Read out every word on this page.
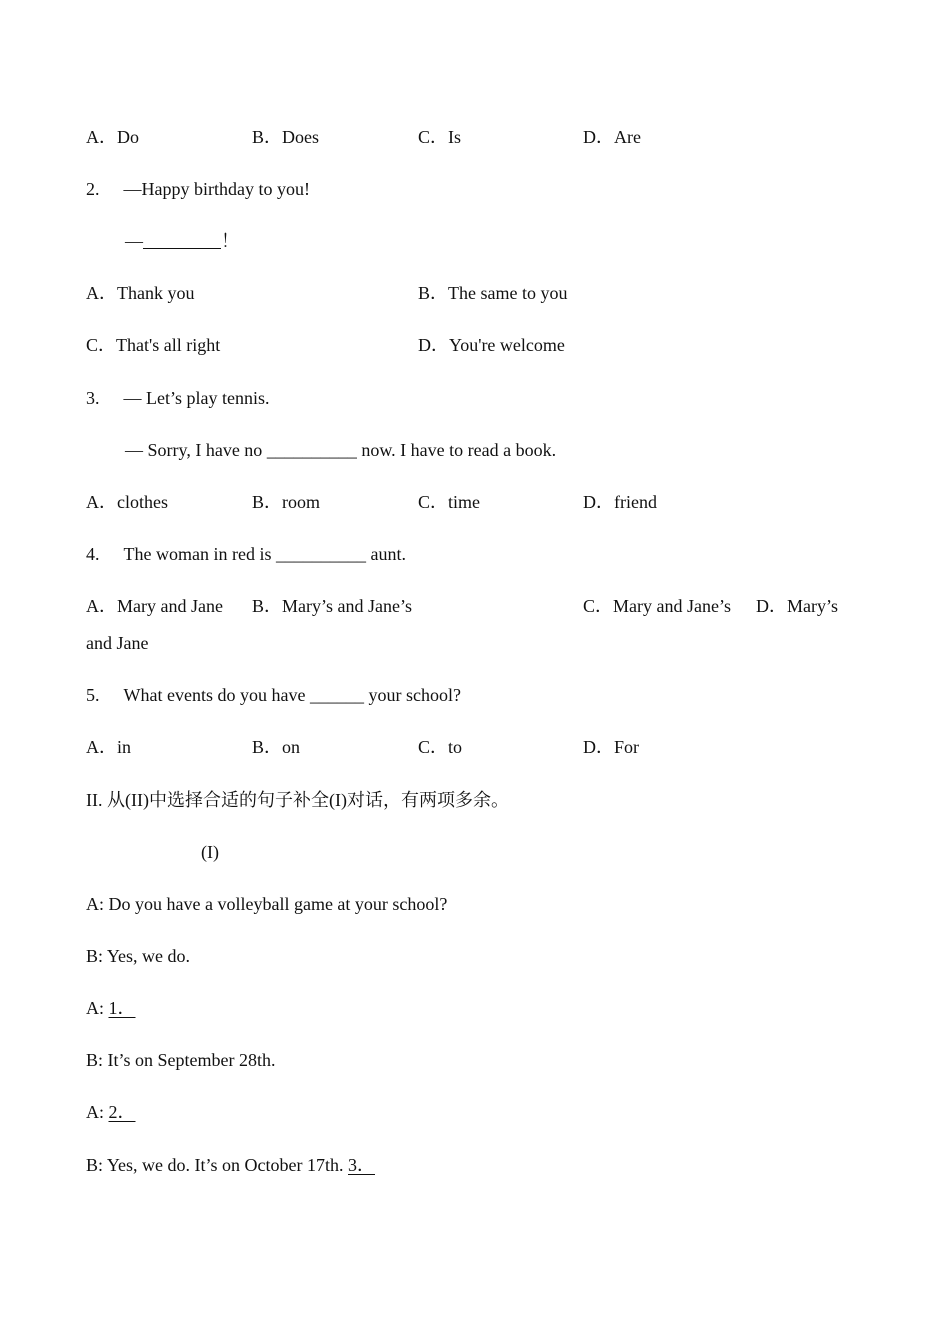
A．Do	B．Does	C．Is	D．Are
2. —Happy birthday to you!
—	！
A．Thank you	B．The same to you
C．That's all right	D．You're welcome
3. — Let’s play tennis.
— Sorry, I have no __________ now. I have to read a book.
A．clothes	B．room	C．time	D．friend
4. The woman in red is __________ aunt.
A．Mary and Jane B．Mary’s and Jane’s	C．Mary and Jane’s D．Mary’s
and Jane
5. What events do you have ______ your school?
A．in	B．on	C．to	D．For
II. 从(II)中选择合适的句子补全(I)对话，有两项多余。
(I)
A: Do you have a volleyball game at your school?
B: Yes, we do.
A: 1．
B: It’s on September 28th.
A: 2．
B: Yes, we do. It’s on October 17th. 3．
